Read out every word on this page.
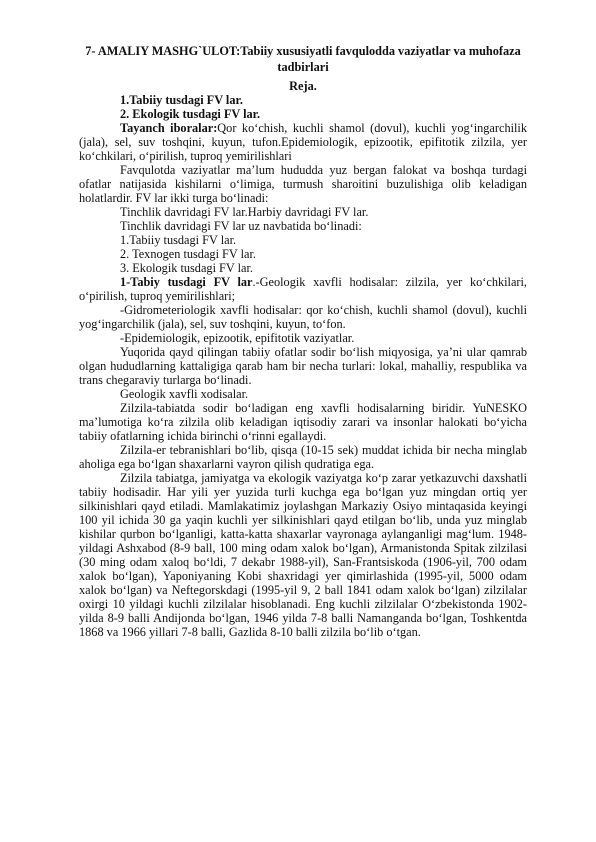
7- AMALIY MASHG`ULOT:Tabiiy xususiyatli favqulodda vaziyatlar va muhofaza tadbirlari
Reja.

1.Tabiiy tusdagi FV lar.

2. Ekologik tusdagi FV lar.

Tayanch iboralar:Qor ko‘chish, kuchli shamol (dovul), kuchli yog‘ingarchilik (jala), sel, suv toshqini, kuyun, tufon.Epidemiologik, epizootik, epifitotik zilzila, yer ko‘chkilari, o‘pirilish, tuproq yemirilishlari

Favqulotda vaziyatlar ma’lum hududda yuz bergan falokat va boshqa turdagi ofatlar natijasida kishilarni o‘limiga, turmush sharoitini buzulishiga olib keladigan holatlardir. FV lar ikki turga bo‘linadi:

Tinchlik davridagi FV lar.Harbiy davridagi FV lar.

Tinchlik davridagi FV lar uz navbatida bo‘linadi:

1.Tabiiy tusdagi FV lar.

2. Texnogen tusdagi FV lar.

3. Ekologik tusdagi FV lar.

1-Tabiy tusdagi FV lar.-Geologik xavfli hodisalar: zilzila, yer ko‘chkilari, o‘pirilish, tuproq yemirilishlari;

-Gidrometeriologik xavfli hodisalar: qor ko‘chish, kuchli shamol (dovul), kuchli yog‘ingarchilik (jala), sel, suv toshqini, kuyun, to‘fon.

-Epidemiologik, epizootik, epifitotik vaziyatlar.

Yuqorida qayd qilingan tabiiy ofatlar sodir bo‘lish miqyosiga, ya’ni ular qamrab olgan hududlarning kattaligiga qarab ham bir necha turlari: lokal, mahalliy, respublika va trans chegaraviy turlarga bo‘linadi.

Geologik xavfli xodisalar.

Zilzila-tabiatda sodir bo‘ladigan eng xavfli hodisalarning biridir. YuNESKO ma’lumotiga ko‘ra zilzila olib keladigan iqtisodiy zarari va insonlar halokati bo‘yicha tabiiy ofatlarning ichida birinchi o‘rinni egallaydi.

Zilzila-er tebranishlari bo‘lib, qisqa (10-15 sek) muddat ichida bir necha minglab aholiga ega bo‘lgan shaxarlarni vayron qilish qudratiga ega.

Zilzila tabiatga, jamiyatga va ekologik vaziyatga ko‘p zarar yetkazuvchi daxshatli tabiiy hodisadir. Har yili yer yuzida turli kuchga ega bo‘lgan yuz mingdan ortiq yer silkinishlari qayd etiladi. Mamlakatimiz joylashgan Markaziy Osiyo mintaqasida keyingi 100 yil ichida 30 ga yaqin kuchli yer silkinishlari qayd etilgan bo‘lib, unda yuz minglab kishilar qurbon bo‘lganligi, katta-katta shaxarlar vayronaga aylanganligi mag‘lum. 1948-yildagi Ashxabod (8-9 ball, 100 ming odam xalok bo‘lgan), Armanistonda Spitak zilzilasi (30 ming odam xaloq bo‘ldi, 7 dekabr 1988-yil), San-Frantsiskoda (1906-yil, 700 odam xalok bo‘lgan), Yaponiyaning Kobi shaxridagi yer qimirlashida (1995-yil, 5000 odam xalok bo‘lgan) va Neftegorskdagi (1995-yil 9, 2 ball 1841 odam xalok bo‘lgan) zilzilalar oxirgi 10 yildagi kuchli zilzilalar hisoblanadi. Eng kuchli zilzilalar O‘zbekistonda 1902-yilda 8-9 balli Andijonda bo‘lgan, 1946 yilda 7-8 balli Namanganda bo‘lgan, Toshkentda 1868 va 1966 yillari 7-8 balli, Gazlida 8-10 balli zilzila bo‘lib o‘tgan.
